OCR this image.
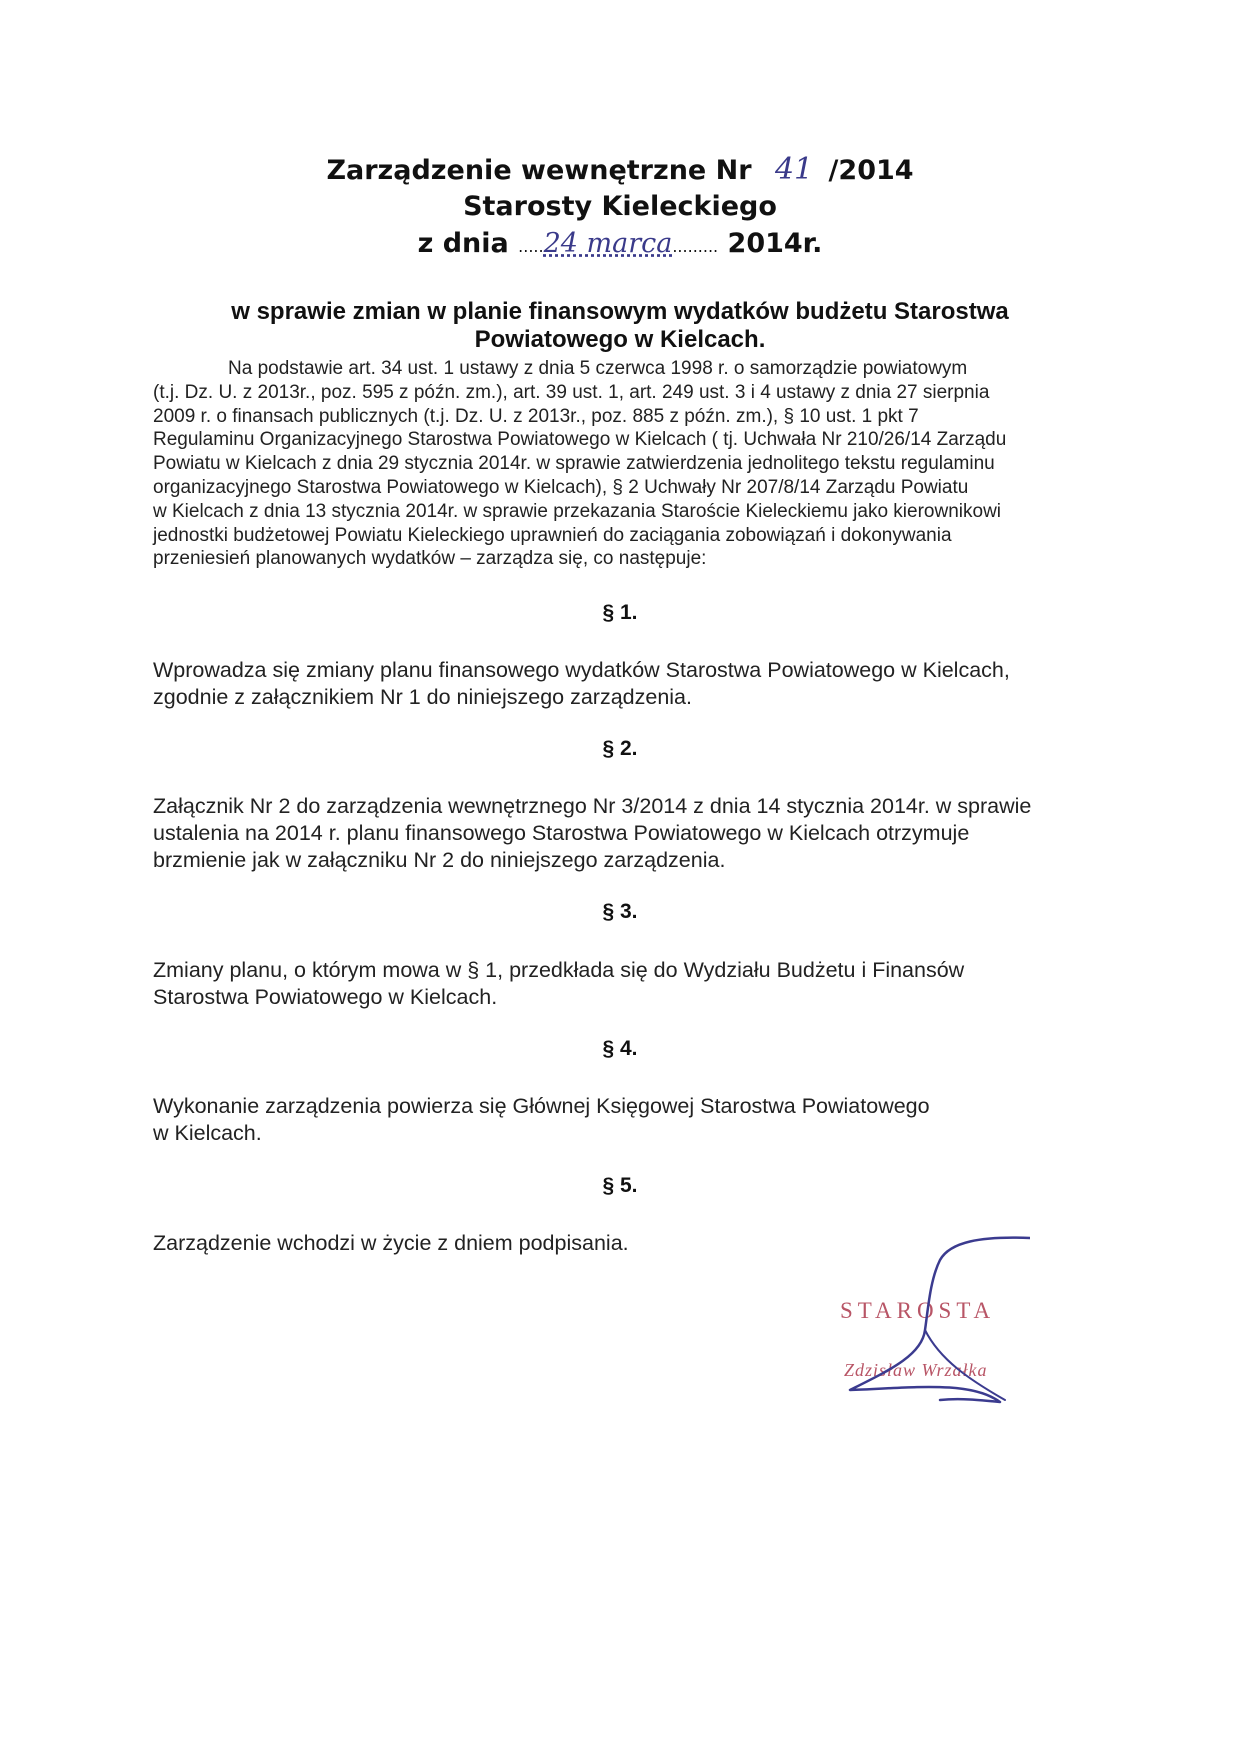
Zarządzenie wewnętrzne Nr 41 /2014
Starosty Kieleckiego
z dnia .....24 marca......... 2014r.
w sprawie zmian w planie finansowym wydatków budżetu Starostwa
Powiatowego w Kielcach.
Na podstawie art. 34 ust. 1 ustawy z dnia 5 czerwca 1998 r. o samorządzie powiatowym
(t.j. Dz. U. z 2013r., poz. 595 z późn. zm.), art. 39 ust. 1, art. 249 ust. 3 i 4 ustawy z dnia 27 sierpnia
2009 r. o finansach publicznych (t.j. Dz. U. z 2013r., poz. 885 z późn. zm.), § 10 ust. 1 pkt 7
Regulaminu Organizacyjnego Starostwa Powiatowego w Kielcach ( tj. Uchwała Nr 210/26/14 Zarządu
Powiatu w Kielcach z dnia 29 stycznia 2014r. w sprawie zatwierdzenia jednolitego tekstu regulaminu
organizacyjnego Starostwa Powiatowego w Kielcach), § 2 Uchwały Nr 207/8/14 Zarządu Powiatu
w Kielcach z dnia 13 stycznia 2014r. w sprawie przekazania Staroście Kieleckiemu jako kierownikowi
jednostki budżetowej Powiatu Kieleckiego uprawnień do zaciągania zobowiązań i dokonywania
przeniesień planowanych wydatków – zarządza się, co następuje:
§ 1.
Wprowadza się zmiany planu finansowego wydatków Starostwa Powiatowego w Kielcach,
zgodnie z załącznikiem Nr 1 do niniejszego zarządzenia.
§ 2.
Załącznik Nr 2 do zarządzenia wewnętrznego Nr 3/2014 z dnia 14 stycznia 2014r. w sprawie
ustalenia na 2014 r. planu finansowego Starostwa Powiatowego w Kielcach otrzymuje
brzmienie jak w załączniku Nr 2 do niniejszego zarządzenia.
§ 3.
Zmiany planu, o którym mowa w § 1, przedkłada się do Wydziału Budżetu i Finansów
Starostwa Powiatowego w Kielcach.
§ 4.
Wykonanie zarządzenia powierza się Głównej Księgowej Starostwa Powiatowego
w Kielcach.
§ 5.
Zarządzenie wchodzi w życie z dniem podpisania.
STAROSTA
Zdzisław Wrzałka
